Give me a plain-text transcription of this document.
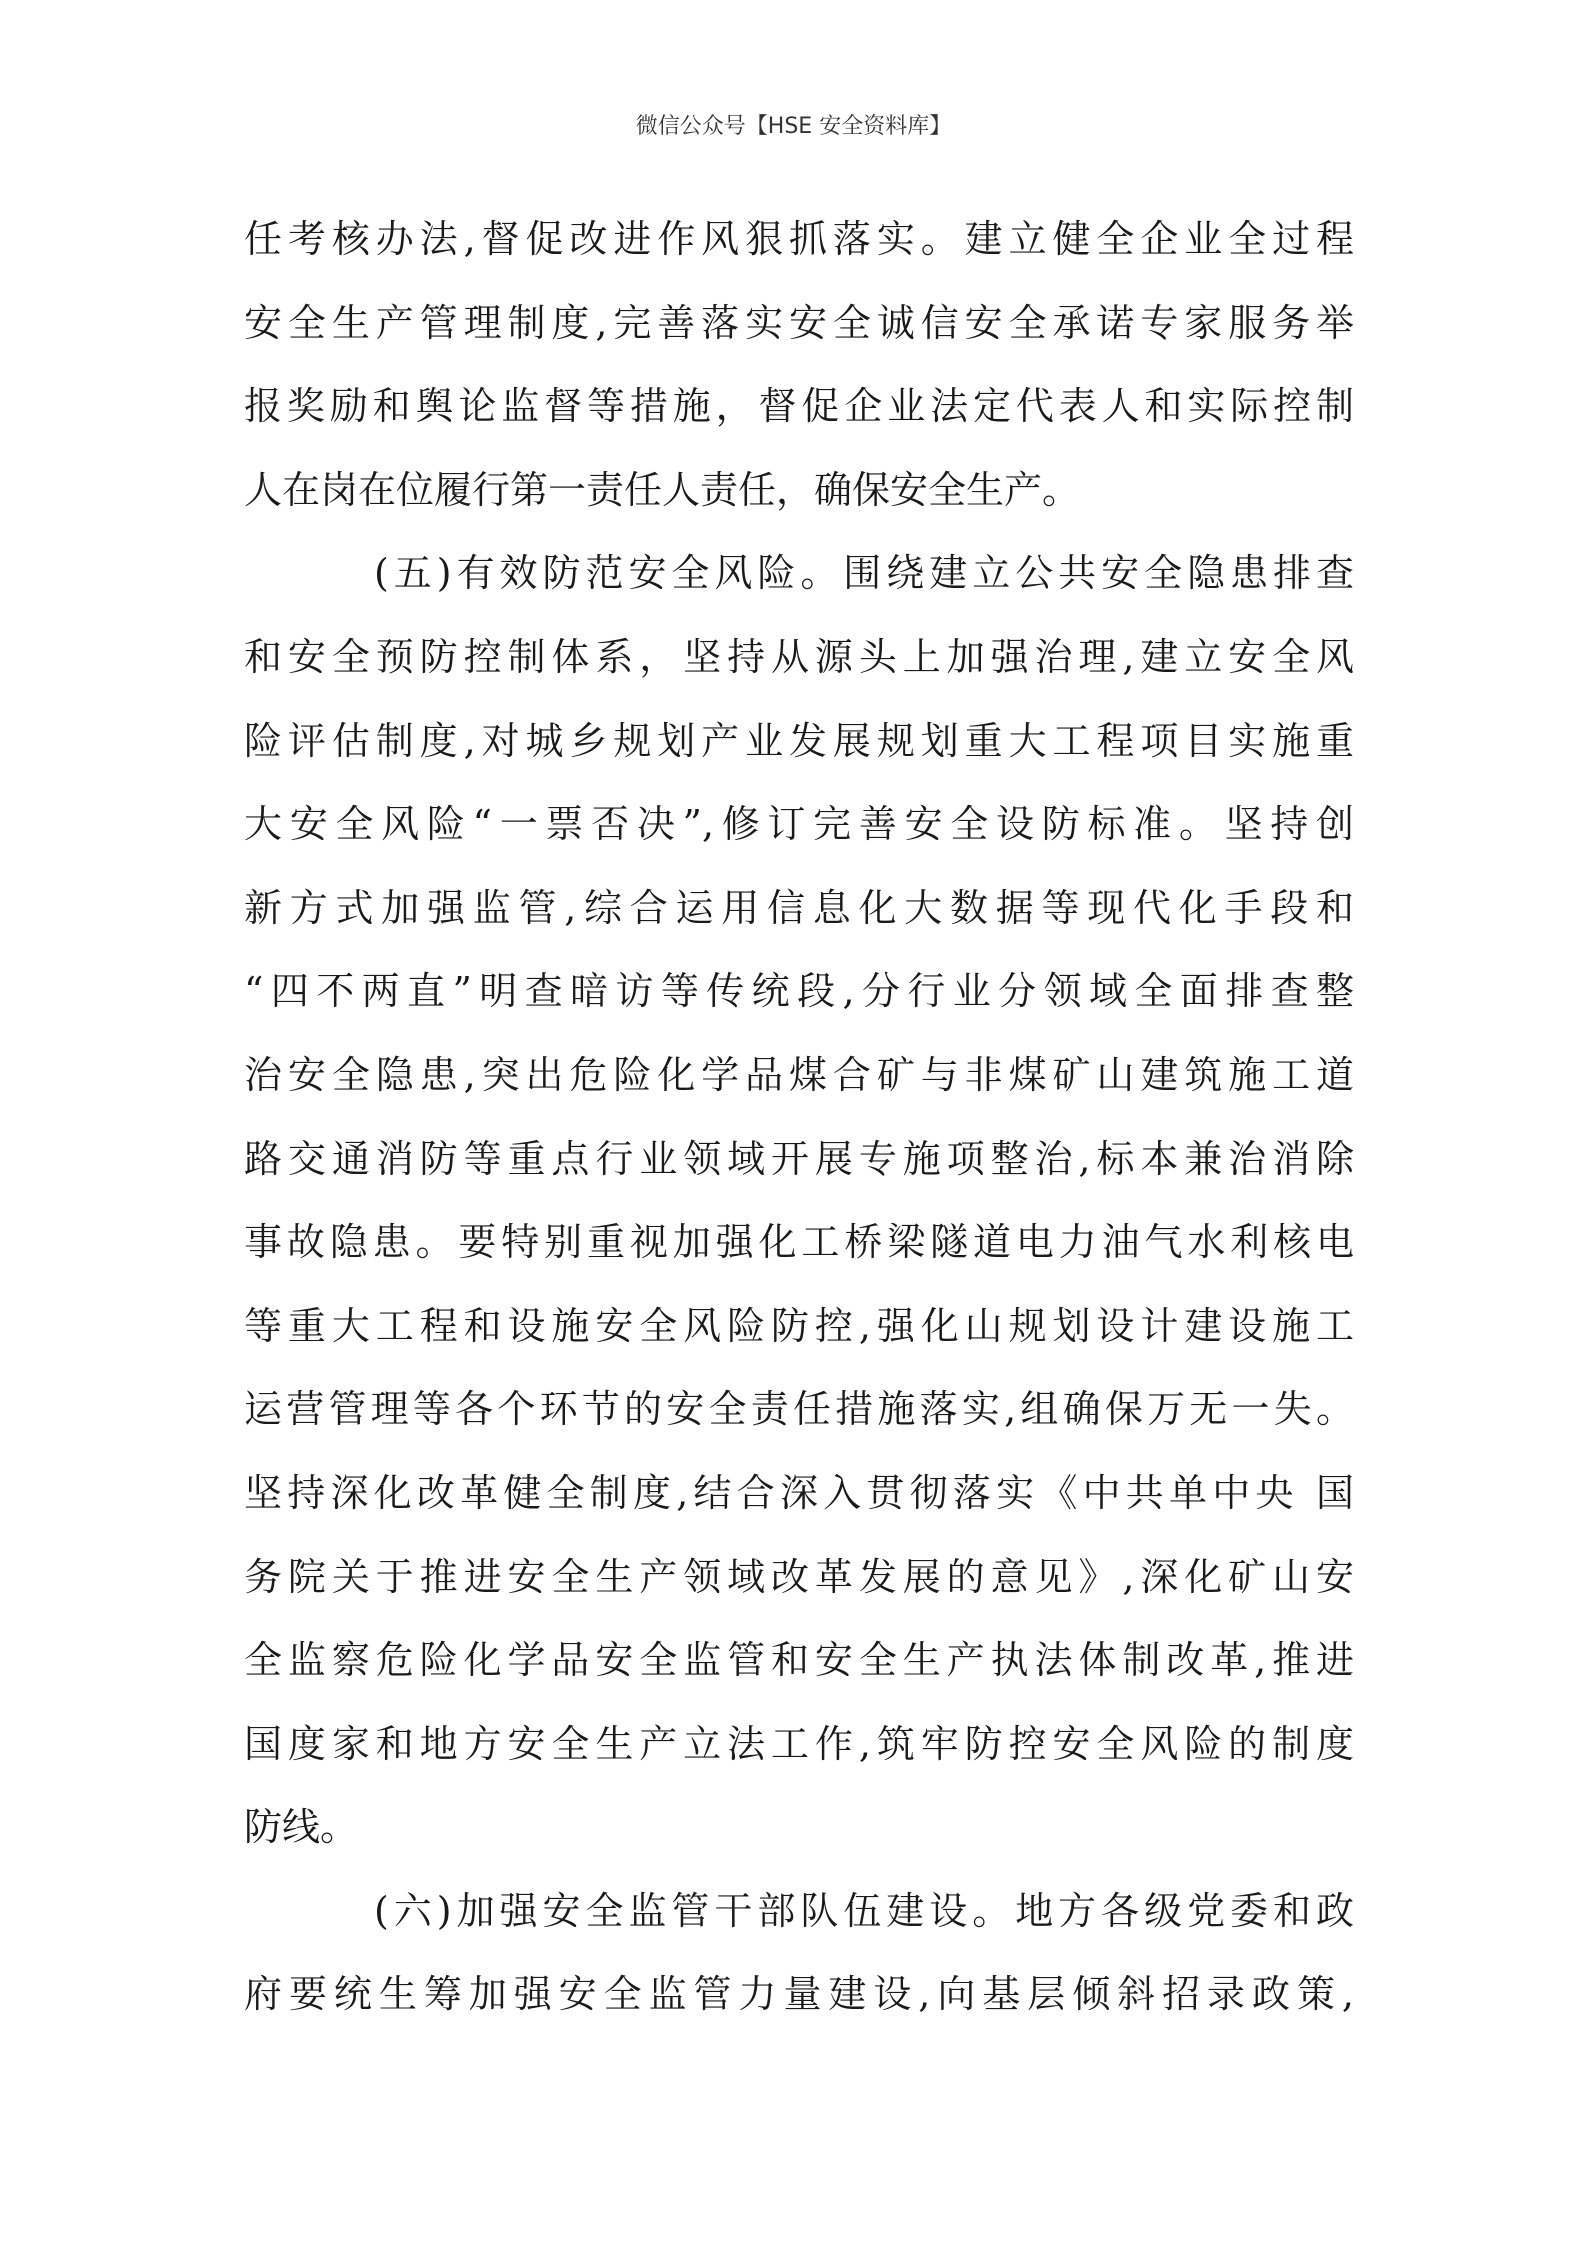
微信公众号【HSE 安全资料库】
任考核办法,督促改进作风狠抓落实。建立健全企业全过程
安全生产管理制度,完善落实安全诚信安全承诺专家服务举
报奖励和舆论监督等措施，督促企业法定代表人和实际控制
人在岗在位履行第一责任人责任，确保安全生产。
(五)有效防范安全风险。围绕建立公共安全隐患排查
和安全预防控制体系，坚持从源头上加强治理,建立安全风
险评估制度,对城乡规划产业发展规划重大工程项目实施重
大安全风险“一票否决”,修订完善安全设防标准。坚持创
新方式加强监管,综合运用信息化大数据等现代化手段和
“四不两直”明查暗访等传统段,分行业分领域全面排查整
治安全隐患,突出危险化学品煤合矿与非煤矿山建筑施工道
路交通消防等重点行业领域开展专施项整治,标本兼治消除
事故隐患。要特别重视加强化工桥梁隧道电力油气水利核电
等重大工程和设施安全风险防控,强化山规划设计建设施工
运营管理等各个环节的安全责任措施落实,组确保万无一失。
坚持深化改革健全制度,结合深入贯彻落实《中共单中央 国
务院关于推进安全生产领域改革发展的意见》,深化矿山安
全监察危险化学品安全监管和安全生产执法体制改革,推进
国度家和地方安全生产立法工作,筑牢防控安全风险的制度
防线。
(六)加强安全监管干部队伍建设。地方各级党委和政
府要统生筹加强安全监管力量建设,向基层倾斜招录政策,
